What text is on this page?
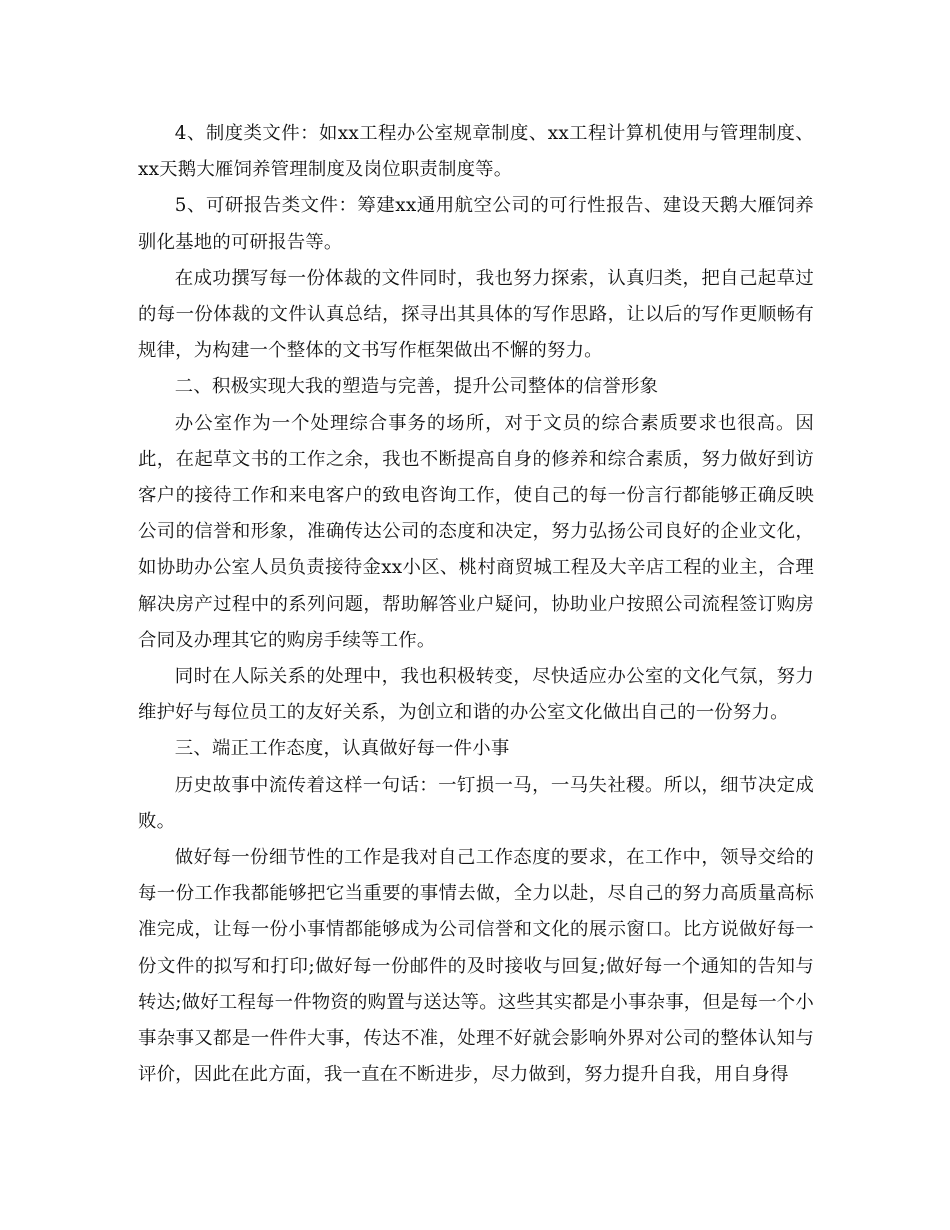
4、制度类文件：如xx工程办公室规章制度、xx工程计算机使用与管理制度、xx天鹅大雁饲养管理制度及岗位职责制度等。

5、可研报告类文件：筹建xx通用航空公司的可行性报告、建设天鹅大雁饲养驯化基地的可研报告等。

在成功撰写每一份体裁的文件同时，我也努力探索，认真归类，把自己起草过的每一份体裁的文件认真总结，探寻出其具体的写作思路，让以后的写作更顺畅有规律，为构建一个整体的文书写作框架做出不懈的努力。

二、积极实现大我的塑造与完善，提升公司整体的信誉形象

办公室作为一个处理综合事务的场所，对于文员的综合素质要求也很高。因此，在起草文书的工作之余，我也不断提高自身的修养和综合素质，努力做好到访客户的接待工作和来电客户的致电咨询工作，使自己的每一份言行都能够正确反映公司的信誉和形象，准确传达公司的态度和决定，努力弘扬公司良好的企业文化，如协助办公室人员负责接待金xx小区、桃村商贸城工程及大辛店工程的业主，合理解决房产过程中的系列问题，帮助解答业户疑问，协助业户按照公司流程签订购房合同及办理其它的购房手续等工作。

同时在人际关系的处理中，我也积极转变，尽快适应办公室的文化气氛，努力维护好与每位员工的友好关系，为创立和谐的办公室文化做出自己的一份努力。

三、端正工作态度，认真做好每一件小事

历史故事中流传着这样一句话：一钉损一马，一马失社稷。所以，细节决定成败。

做好每一份细节性的工作是我对自己工作态度的要求，在工作中，领导交给的每一份工作我都能够把它当重要的事情去做，全力以赴，尽自己的努力高质量高标准完成，让每一份小事情都能够成为公司信誉和文化的展示窗口。比方说做好每一份文件的拟写和打印;做好每一份邮件的及时接收与回复;做好每一个通知的告知与转达;做好工程每一件物资的购置与送达等。这些其实都是小事杂事，但是每一个小事杂事又都是一件件大事，传达不准，处理不好就会影响外界对公司的整体认知与评价，因此在此方面，我一直在不断进步，尽力做到，努力提升自我，用自身得
